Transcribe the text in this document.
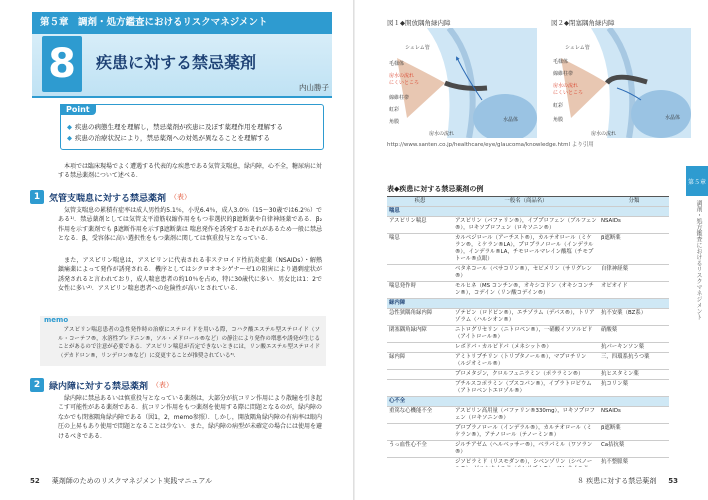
第５章　調剤・処方鑑査におけるリスクマネジメント
8	疾患に対する禁忌薬剤
内山勝子
◆ 疾患の病態生理を理解し，禁忌薬剤が疾患に及ぼす薬理作用を理解する
◆ 疾患の治療状況により，禁忌薬剤への対処が異なることを理解する
Point
　本項では臨床現場でよく遭遇する代表的な疾患である気管支喘息，緑内障，心不全，糖尿病に対する禁忌薬剤について述べる．
1 気管支喘息に対する禁忌薬剤 （表）
　気管支喘息の累積有症率は成人男性約5.1％，小児6.4％，成人3.0％（15～30歳では6.2％）である¹⁾．禁忌薬剤としては気管支平滑筋収縮作用をもつ非選択的β遮断薬や自律神経薬である．β₂作用を示す薬剤でも β遮断作用を示すβ遮断薬は 喘息発作を誘発するおそれがあるため一般に禁忌となる．β，受容体に高い選択性をもつ薬剤に関しては慎重投与となっている．
　また，アスピリン喘息は，アスピリンに代表される非ステロイド性抗炎症薬（NSAIDs）・解熱鎮痛薬によって発作が誘発される．機序としてはシクロオキシゲナーゼ1の阻害により過剰症状が誘発されると言われており，成人喘息患者の約10％を占め，特に30歳代に多い．男女比は1：2で女性に多い²⁾．アスピリン喘息患者への危険性が高いとされている．
memo
　アスピリン喘息患者の急性発作時の治療にステロイドを用いる際，コハク酸エステル型ステロイド（ソル・コーテフ®，水溶性プレドニン®，ソル・メドロール®など）の静注により発作の増悪や誘発が生じることがあるので注意が必要である．アスピリン喘息が否定できないときには，リン酸エステル型ステロイド（デカドロン®，リンデロン®など）に変更することが推奨されている³⁾．
2 緑内障に対する禁忌薬剤 （表）
　緑内障に禁忌あるいは慎重投与となっている薬剤は，大部分が抗コリン作用により散瞳を引き起こす可能性がある薬剤である．抗コリン作用をもつ薬剤を使用する際に問題となるのが，緑内障のなかでも閉塞隅角緑内障である（図1，2，memo参照）．しかし，開放隅角緑内障の有病率は眼内圧の上昇もあり使用で問題となることは少ない．また，緑内障の病型が未確定の場合には使用を避けるべきである．
52 薬剤師のためのリスクマネジメント実践マニュアル
図１◆開放隅角緑内障
シュレム管
毛様体
房水の流れ
にくいところ
線維柱帯
虹彩
角膜	水晶体
房水の流れ
図２◆閉塞隅角緑内障
シュレム管
毛様体
線維柱帯
房水の流れ
にくいところ
虹彩
角膜	水晶体
房水の流れ
http://www.santen.co.jp/healthcare/eye/glaucoma/knowledge.html より引用
表◆疾患に対する禁忌薬剤の例
疾患	一般名（商品名）	分類
喘息		
アスピリン喘息	アスピリン（バファリン®），イブプロフェン（ブルフェン®），ロキソプロフェン（ロキソニン®）	NSAIDs
喘息	カルベジロール（アーチスト®），カルテオロール（ミケラン®，ミケラン®LA），プロプラノロール（インデラル®），インデラル®LA，チモロールマレイン酸塩（チモプトール®点眼）	β遮断薬
	ベタネコール（ベサコリン®），セビメリン（サリグレン®）	自律神経薬
喘息発作時	モルヒネ（MS コンチン®，オキシコドン（オキシコンチン®），コデイン（リン酸コデイン®）	オピオイド
緑内障		
急性狭隅角緑内障	ゾテピン（ロドピン®），エチゾラム（デパス®），トリアゾラム（ハルシオン®）	抗不安薬（BZ系）
閉塞隅角緑内障	ニトログリセリン（ニトロペン®），一硝酸イソソルビド（アイトロール®）	硝酸薬
	レボドパ・カルビドパ（メネシット®）	抗パーキンソン薬
緑内障	アミトリプチリン（トリプタノール®），マプロチリン（ルジオミール®）	三，四環系抗うつ薬
	プロメタジン，クロルフェニラミン（ポララミン®）	抗ヒスタミン薬
	ブチルスコポラミン（ブスコパン®），イプラトロピウム（アトロベントエロゾル®）	抗コリン薬
心不全		
重篤な心機能不全	アスピリン高用量（バファリン®330mg），ロキソプロフェン（ロキソニン®）	NSAIDs
	プロプラノロール（インデラル®），カルテオロール（ミケラン®），アテノロール（テノーミン®）	β遮断薬
うっ血性心不全	ジルチアゼム（ヘルベッサー®），ベラパミル（ワソラン®）	Ca拮抗薬
	ジソピラミド（リスモダン®），シベンゾリン（シベノー	抗不整脈薬

第５章
調剤・処方鑑査におけるリスクマネジメント
８ 疾患に対する禁忌薬剤 53
